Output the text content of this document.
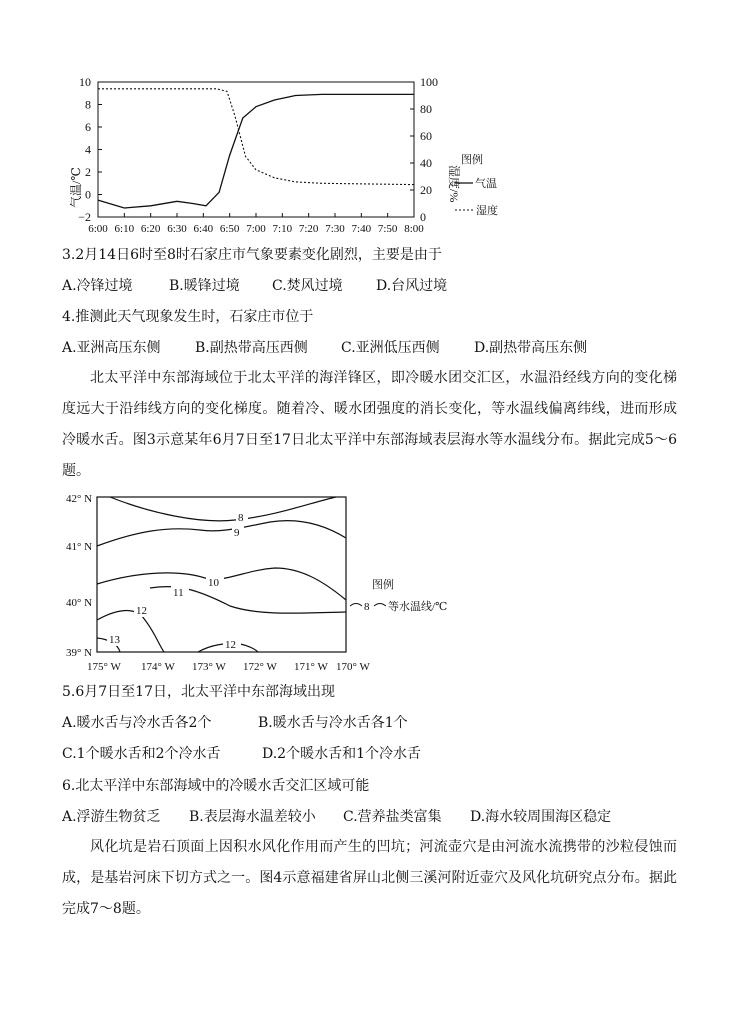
10
8
6
4
2
0
−2
100
80
60
40
20
0
6:00 6:10 6:20 6:30 6:40 6:50 7:00 7:10 7:20 7:30 7:40 7:50 8:00
气温/℃	湿度/%
图例
气温
湿度
3.2月14日6时至8时石家庄市气象要素变化剧烈，主要是由于
A.冷锋过境	B.暖锋过境 C.焚风过境 D.台风过境
4.推测此天气现象发生时，石家庄市位于
A.亚洲高压东侧 B.副热带高压西侧 C.亚洲低压西侧 D.副热带高压东侧
北太平洋中东部海域位于北太平洋的海洋锋区，即冷暖水团交汇区，水温沿经线方向的变化梯度远大于沿纬线方向的变化梯度。随着冷、暖水团强度的消长变化，等水温线偏离纬线，进而形成冷暖水舌。图3示意某年6月7日至17日北太平洋中东部海域表层海水等水温线分布。据此完成5～6题。
42° N
41° N
40° N
39° N
175° W 174° W 173° W 172° W 171° W 170° W
8
9
10
11
12
13	12
图例
8 等水温线/℃
5.6月7日至17日，北太平洋中东部海域出现
A.暖水舌与冷水舌各2个	B.暖水舌与冷水舌各1个
C.1个暖水舌和2个冷水舌	D.2个暖水舌和1个冷水舌
6.北太平洋中东部海域中的冷暖水舌交汇区域可能
A.浮游生物贫乏 B.表层海水温差较小 C.营养盐类富集 D.海水较周围海区稳定
风化坑是岩石顶面上因积水风化作用而产生的凹坑；河流壶穴是由河流水流携带的沙粒侵蚀而成，是基岩河床下切方式之一。图4示意福建省屏山北侧三溪河附近壶穴及风化坑研究点分布。据此完成7～8题。
